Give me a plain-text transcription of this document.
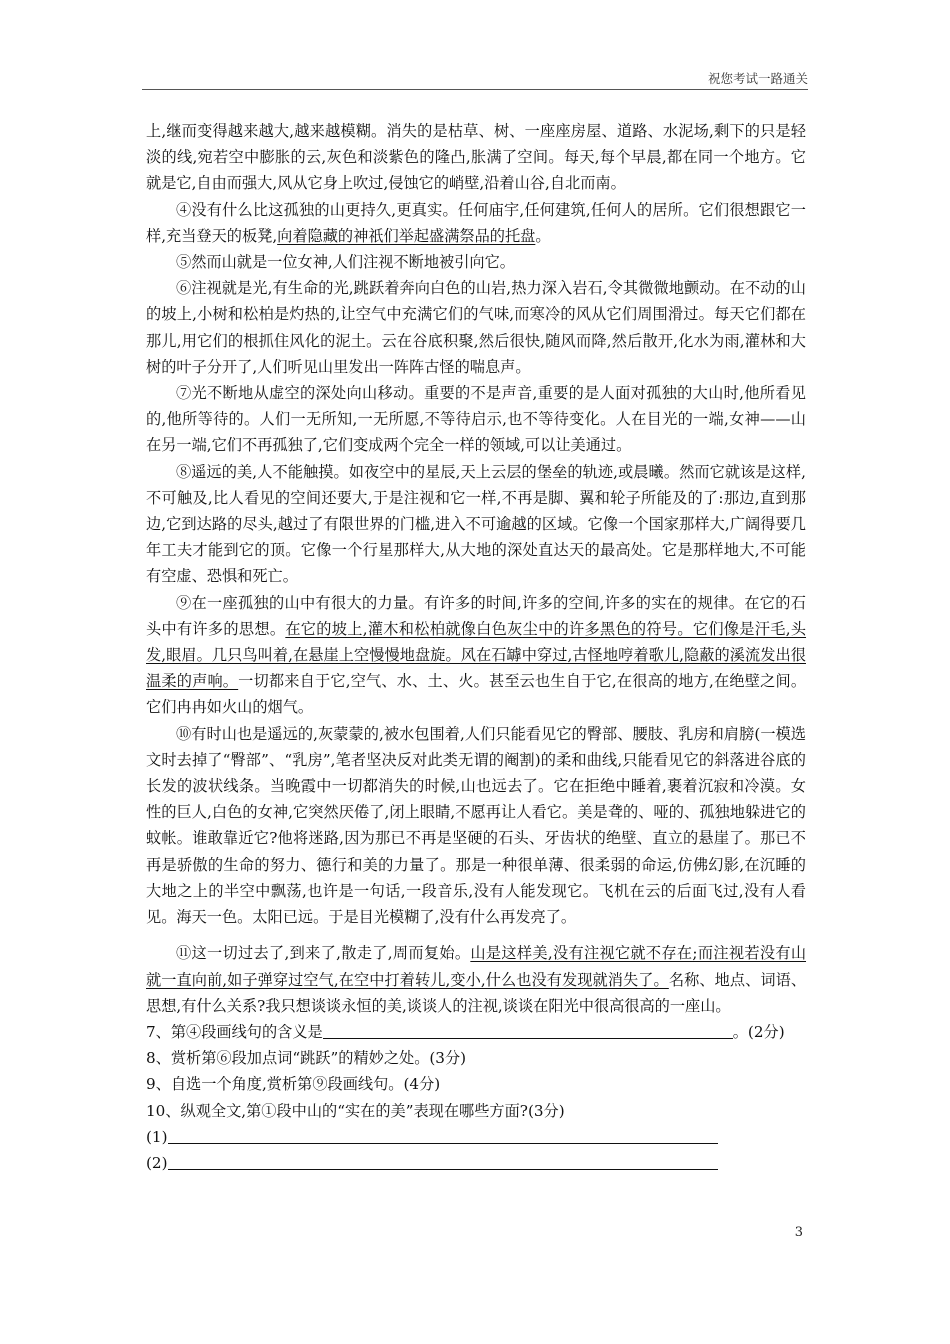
祝您考试一路通关

上,继而变得越来越大,越来越模糊。消失的是枯草、树、一座座房屋、道路、水泥场,剩下的只是轻淡的线,宛若空中膨胀的云,灰色和淡紫色的隆凸,胀满了空间。每天,每个早晨,都在同一个地方。它就是它,自由而强大,风从它身上吹过,侵蚀它的峭壁,沿着山谷,自北而南。

④没有什么比这孤独的山更持久,更真实。任何庙宇,任何建筑,任何人的居所。它们很想跟它一样,充当登天的板凳,向着隐藏的神祇们举起盛满祭品的托盘。

⑤然而山就是一位女神,人们注视不断地被引向它。

⑥注视就是光,有生命的光,跳跃着奔向白色的山岩,热力深入岩石,令其微微地颤动。在不动的山的坡上,小树和松柏是灼热的,让空气中充满它们的气味,而寒冷的风从它们周围滑过。每天它们都在那儿,用它们的根抓住风化的泥土。云在谷底积聚,然后很快,随风而降,然后散开,化水为雨,灌林和大树的叶子分开了,人们听见山里发出一阵阵古怪的喘息声。

⑦光不断地从虚空的深处向山移动。重要的不是声音,重要的是人面对孤独的大山时,他所看见的,他所等待的。人们一无所知,一无所愿,不等待启示,也不等待变化。人在目光的一端,女神——山在另一端,它们不再孤独了,它们变成两个完全一样的领域,可以让美通过。

⑧遥远的美,人不能触摸。如夜空中的星辰,天上云层的堡垒的轨迹,或晨曦。然而它就该是这样,不可触及,比人看见的空间还要大,于是注视和它一样,不再是脚、翼和轮子所能及的了:那边,直到那边,它到达路的尽头,越过了有限世界的门槛,进入不可逾越的区域。它像一个国家那样大,广阔得要几年工夫才能到它的顶。它像一个行星那样大,从大地的深处直达天的最高处。它是那样地大,不可能有空虚、恐惧和死亡。

⑨在一座孤独的山中有很大的力量。有许多的时间,许多的空间,许多的实在的规律。在它的石头中有许多的思想。在它的坡上,灌木和松柏就像白色灰尘中的许多黑色的符号。它们像是汗毛,头发,眼眉。几只鸟叫着,在悬崖上空慢慢地盘旋。风在石罅中穿过,古怪地哼着歌儿,隐蔽的溪流发出很温柔的声响。一切都来自于它,空气、水、土、火。甚至云也生自于它,在很高的地方,在绝壁之间。它们冉冉如火山的烟气。

⑩有时山也是遥远的,灰蒙蒙的,被水包围着,人们只能看见它的臀部、腰肢、乳房和肩膀(一模选文时去掉了“臀部”、“乳房”,笔者坚决反对此类无谓的阉割)的柔和曲线,只能看见它的斜落进谷底的长发的波状线条。当晚霞中一切都消失的时候,山也远去了。它在拒绝中睡着,裹着沉寂和冷漠。女性的巨人,白色的女神,它突然厌倦了,闭上眼睛,不愿再让人看它。美是聋的、哑的、孤独地躲进它的蚊帐。谁敢靠近它?他将迷路,因为那已不再是坚硬的石头、牙齿状的绝壁、直立的悬崖了。那已不再是骄傲的生命的努力、德行和美的力量了。那是一种很单薄、很柔弱的命运,仿佛幻影,在沉睡的大地之上的半空中飘荡,也许是一句话,一段音乐,没有人能发现它。飞机在云的后面飞过,没有人看见。海天一色。太阳已远。于是目光模糊了,没有什么再发亮了。

⑪这一切过去了,到来了,散走了,周而复始。山是这样美,没有注视它就不存在;而注视若没有山就一直向前,如子弹穿过空气,在空中打着转儿,变小,什么也没有发现就消失了。名称、地点、词语、思想,有什么关系?我只想谈谈永恒的美,谈谈人的注视,谈谈在阳光中很高很高的一座山。

7、第④段画线句的含义是	。(2分)

8、赏析第⑥段加点词“跳跃”的精妙之处。(3分)

9、自选一个角度,赏析第⑨段画线句。(4分)

10、纵观全文,第①段中山的“实在的美”表现在哪些方面?(3分)

(1)

(2)

3
